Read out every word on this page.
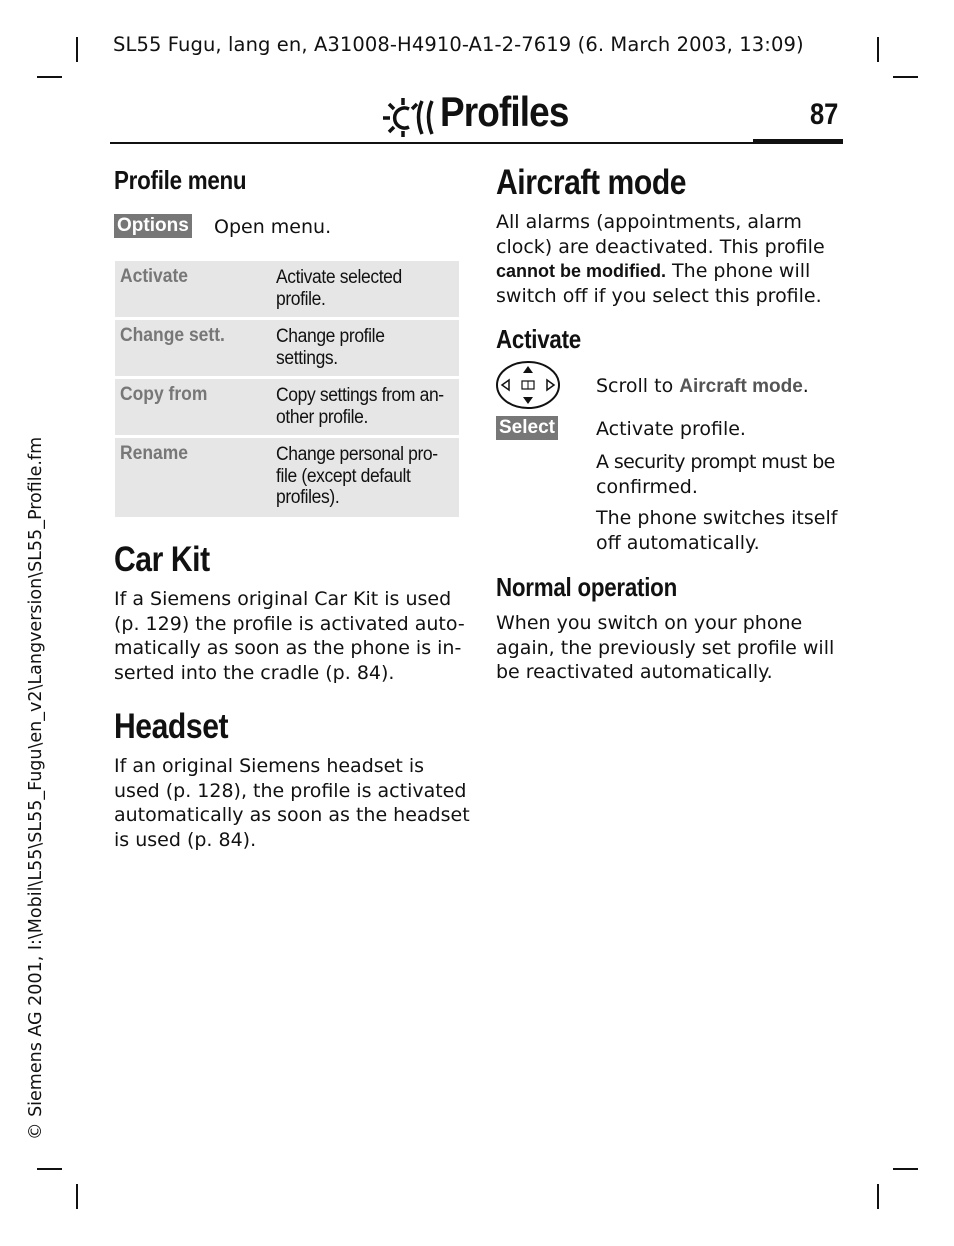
SL55 Fugu, lang en, A31008-H4910-A1-2-7619 (6. March 2003, 13:09)
Profiles	87
© Siemens AG 2001, I:\Mobil\L55\SL55_Fugu\en_v2\Langversion\SL55_Profile.fm
Profile menu
Options Open menu.
Activate	Activate selected
profile.
Change sett.	Change profile
settings.
Copy from	Copy settings from an-
other profile.
Rename	Change personal pro-
file (except default
profiles).
Car Kit
If a Siemens original Car Kit is used
(p. 129) the profile is activated auto-
matically as soon as the phone is in-
serted into the cradle (p. 84).
Headset
If an original Siemens headset is
used (p. 128), the profile is activated
automatically as soon as the headset
is used (p. 84).
Aircraft mode
All alarms (appointments, alarm
clock) are deactivated. This profile
cannot be modified. The phone will
switch off if you select this profile.
Activate
Scroll to Aircraft mode.
Select Activate profile.
A security prompt must be
confirmed.
The phone switches itself
off automatically.
Normal operation
When you switch on your phone
again, the previously set profile will
be reactivated automatically.
